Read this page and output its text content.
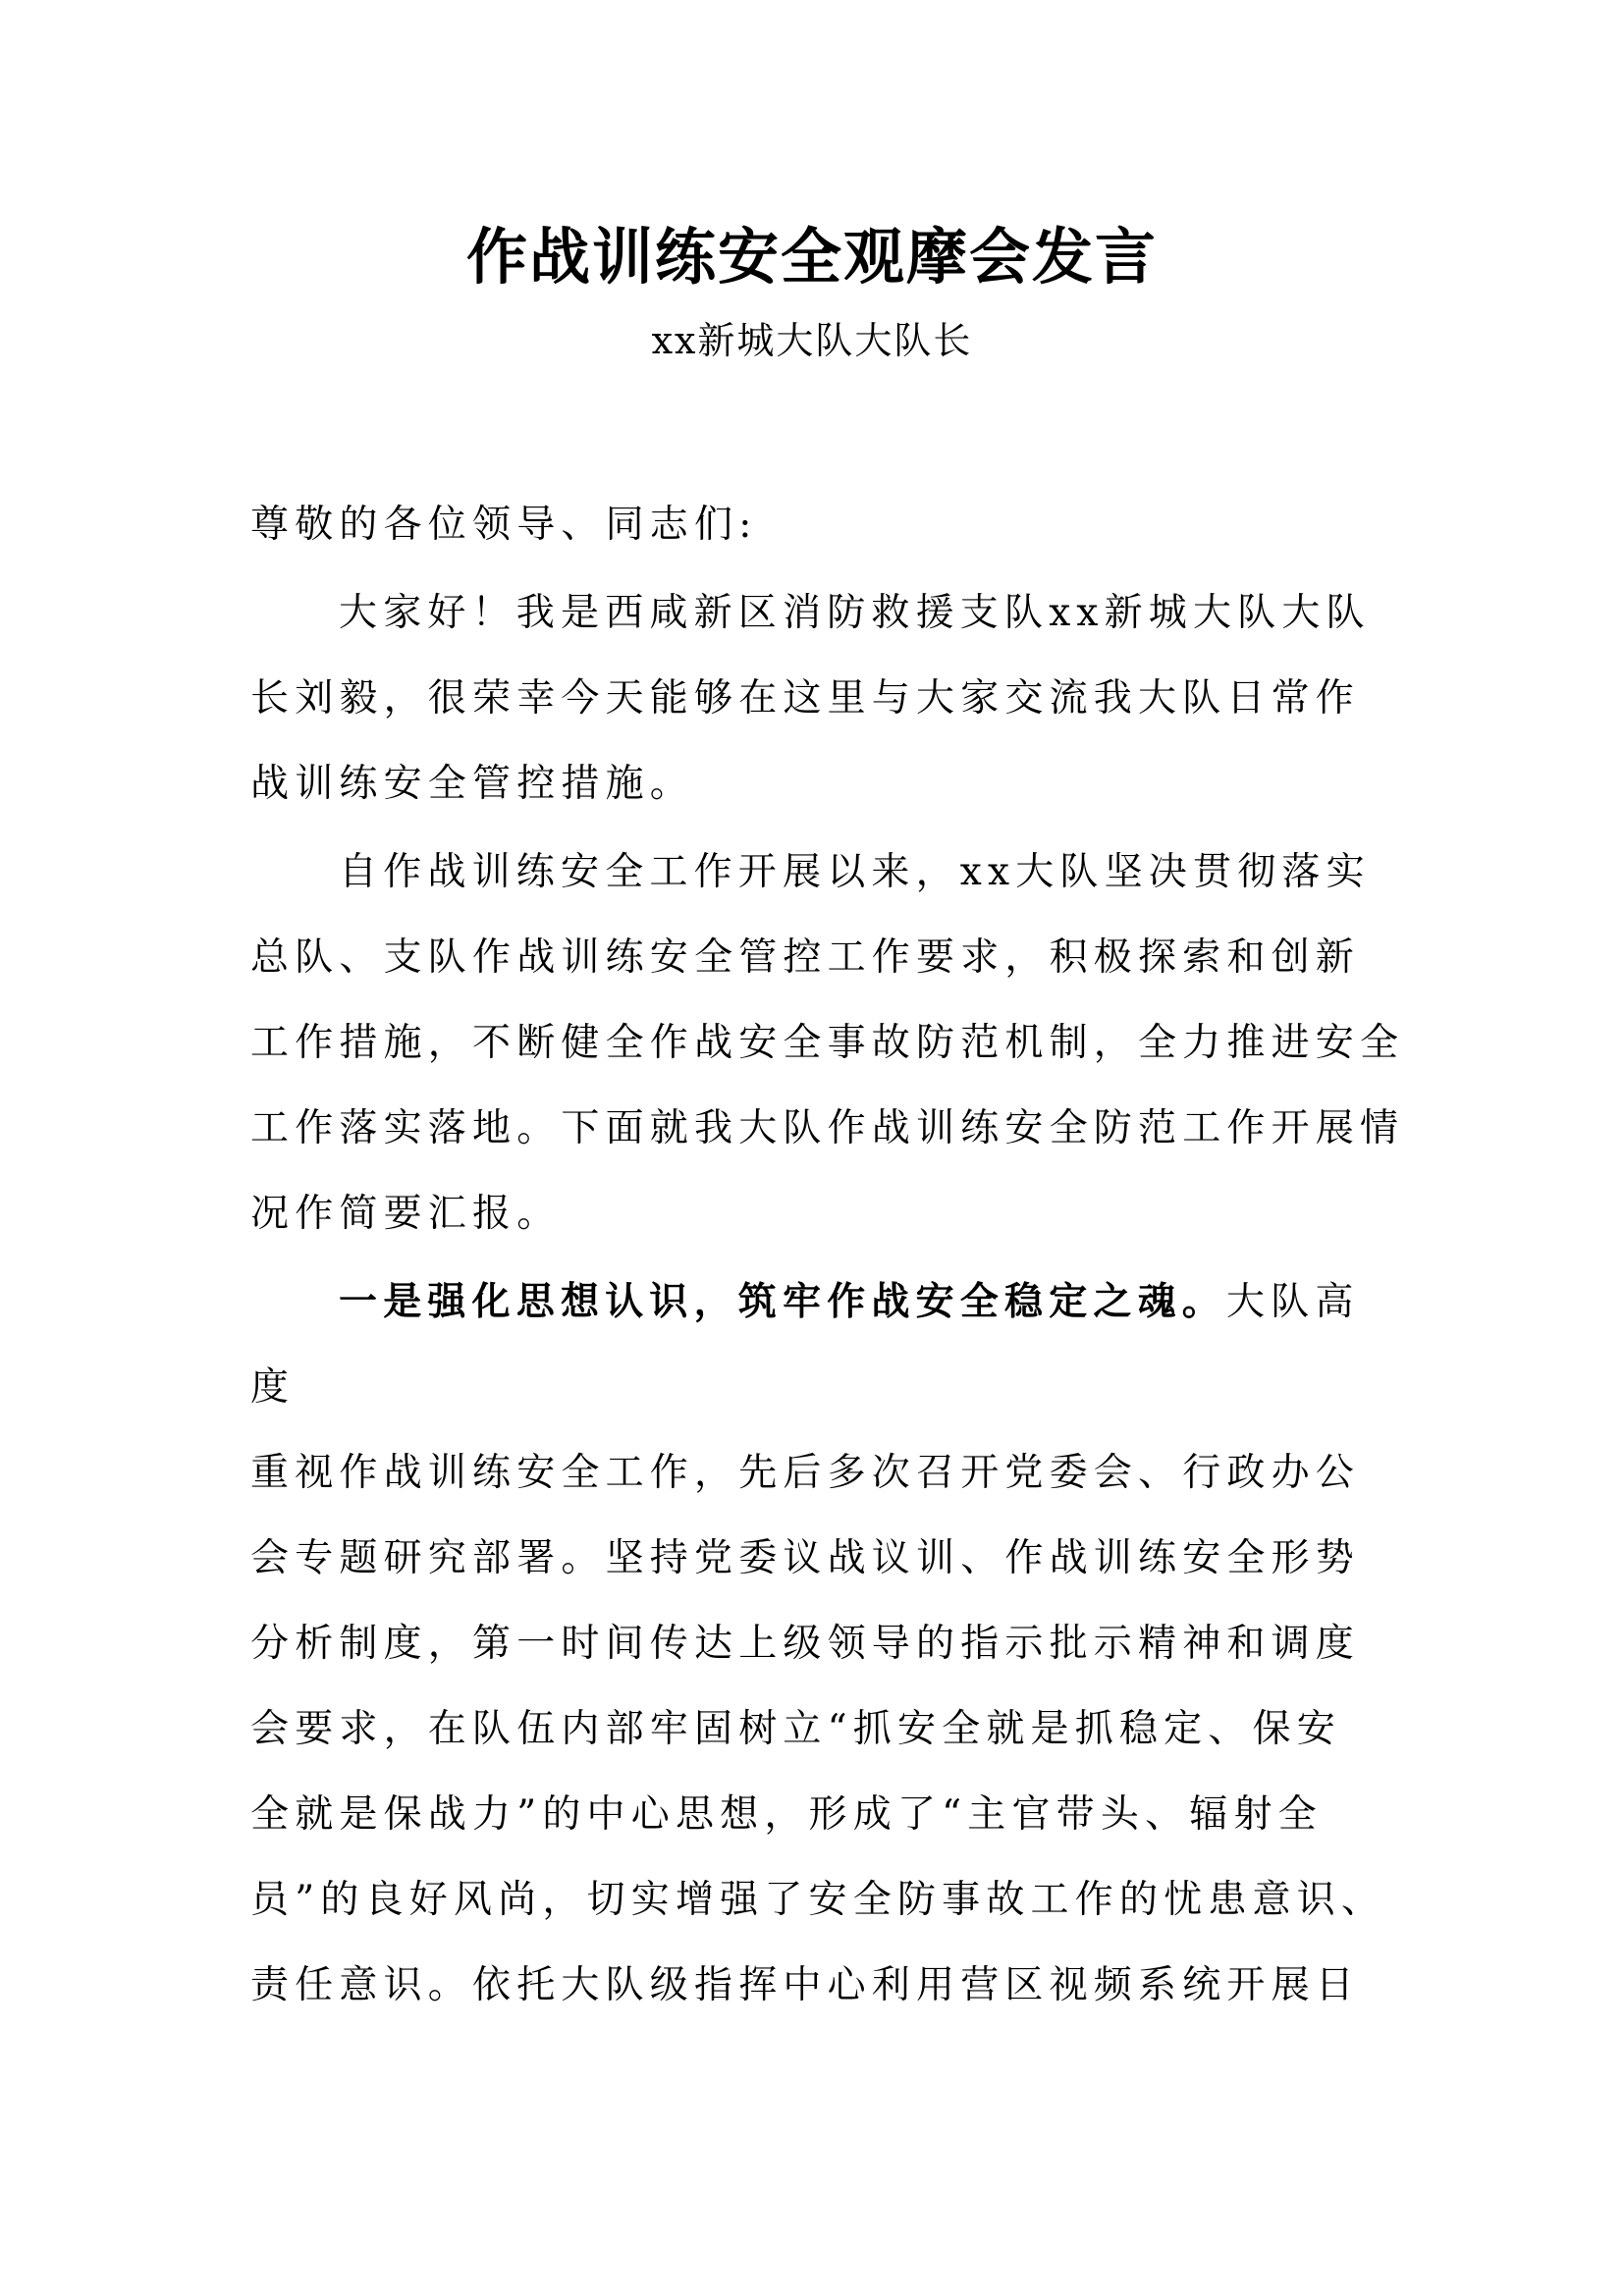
作战训练安全观摩会发言
xx新城大队大队长
尊敬的各位领导、同志们:
大家好！我是西咸新区消防救援支队xx新城大队大队
长刘毅，很荣幸今天能够在这里与大家交流我大队日常作
战训练安全管控措施。
自作战训练安全工作开展以来，xx大队坚决贯彻落实
总队、支队作战训练安全管控工作要求，积极探索和创新
工作措施，不断健全作战安全事故防范机制，全力推进安全
工作落实落地。下面就我大队作战训练安全防范工作开展情
况作简要汇报。
一是强化思想认识，筑牢作战安全稳定之魂。大队高
度
重视作战训练安全工作，先后多次召开党委会、行政办公
会专题研究部署。坚持党委议战议训、作战训练安全形势
分析制度，第一时间传达上级领导的指示批示精神和调度
会要求，在队伍内部牢固树立“抓安全就是抓稳定、保安
全就是保战力”的中心思想，形成了“主官带头、辐射全
员”的良好风尚，切实增强了安全防事故工作的忧患意识、
责任意识。依托大队级指挥中心利用营区视频系统开展日
